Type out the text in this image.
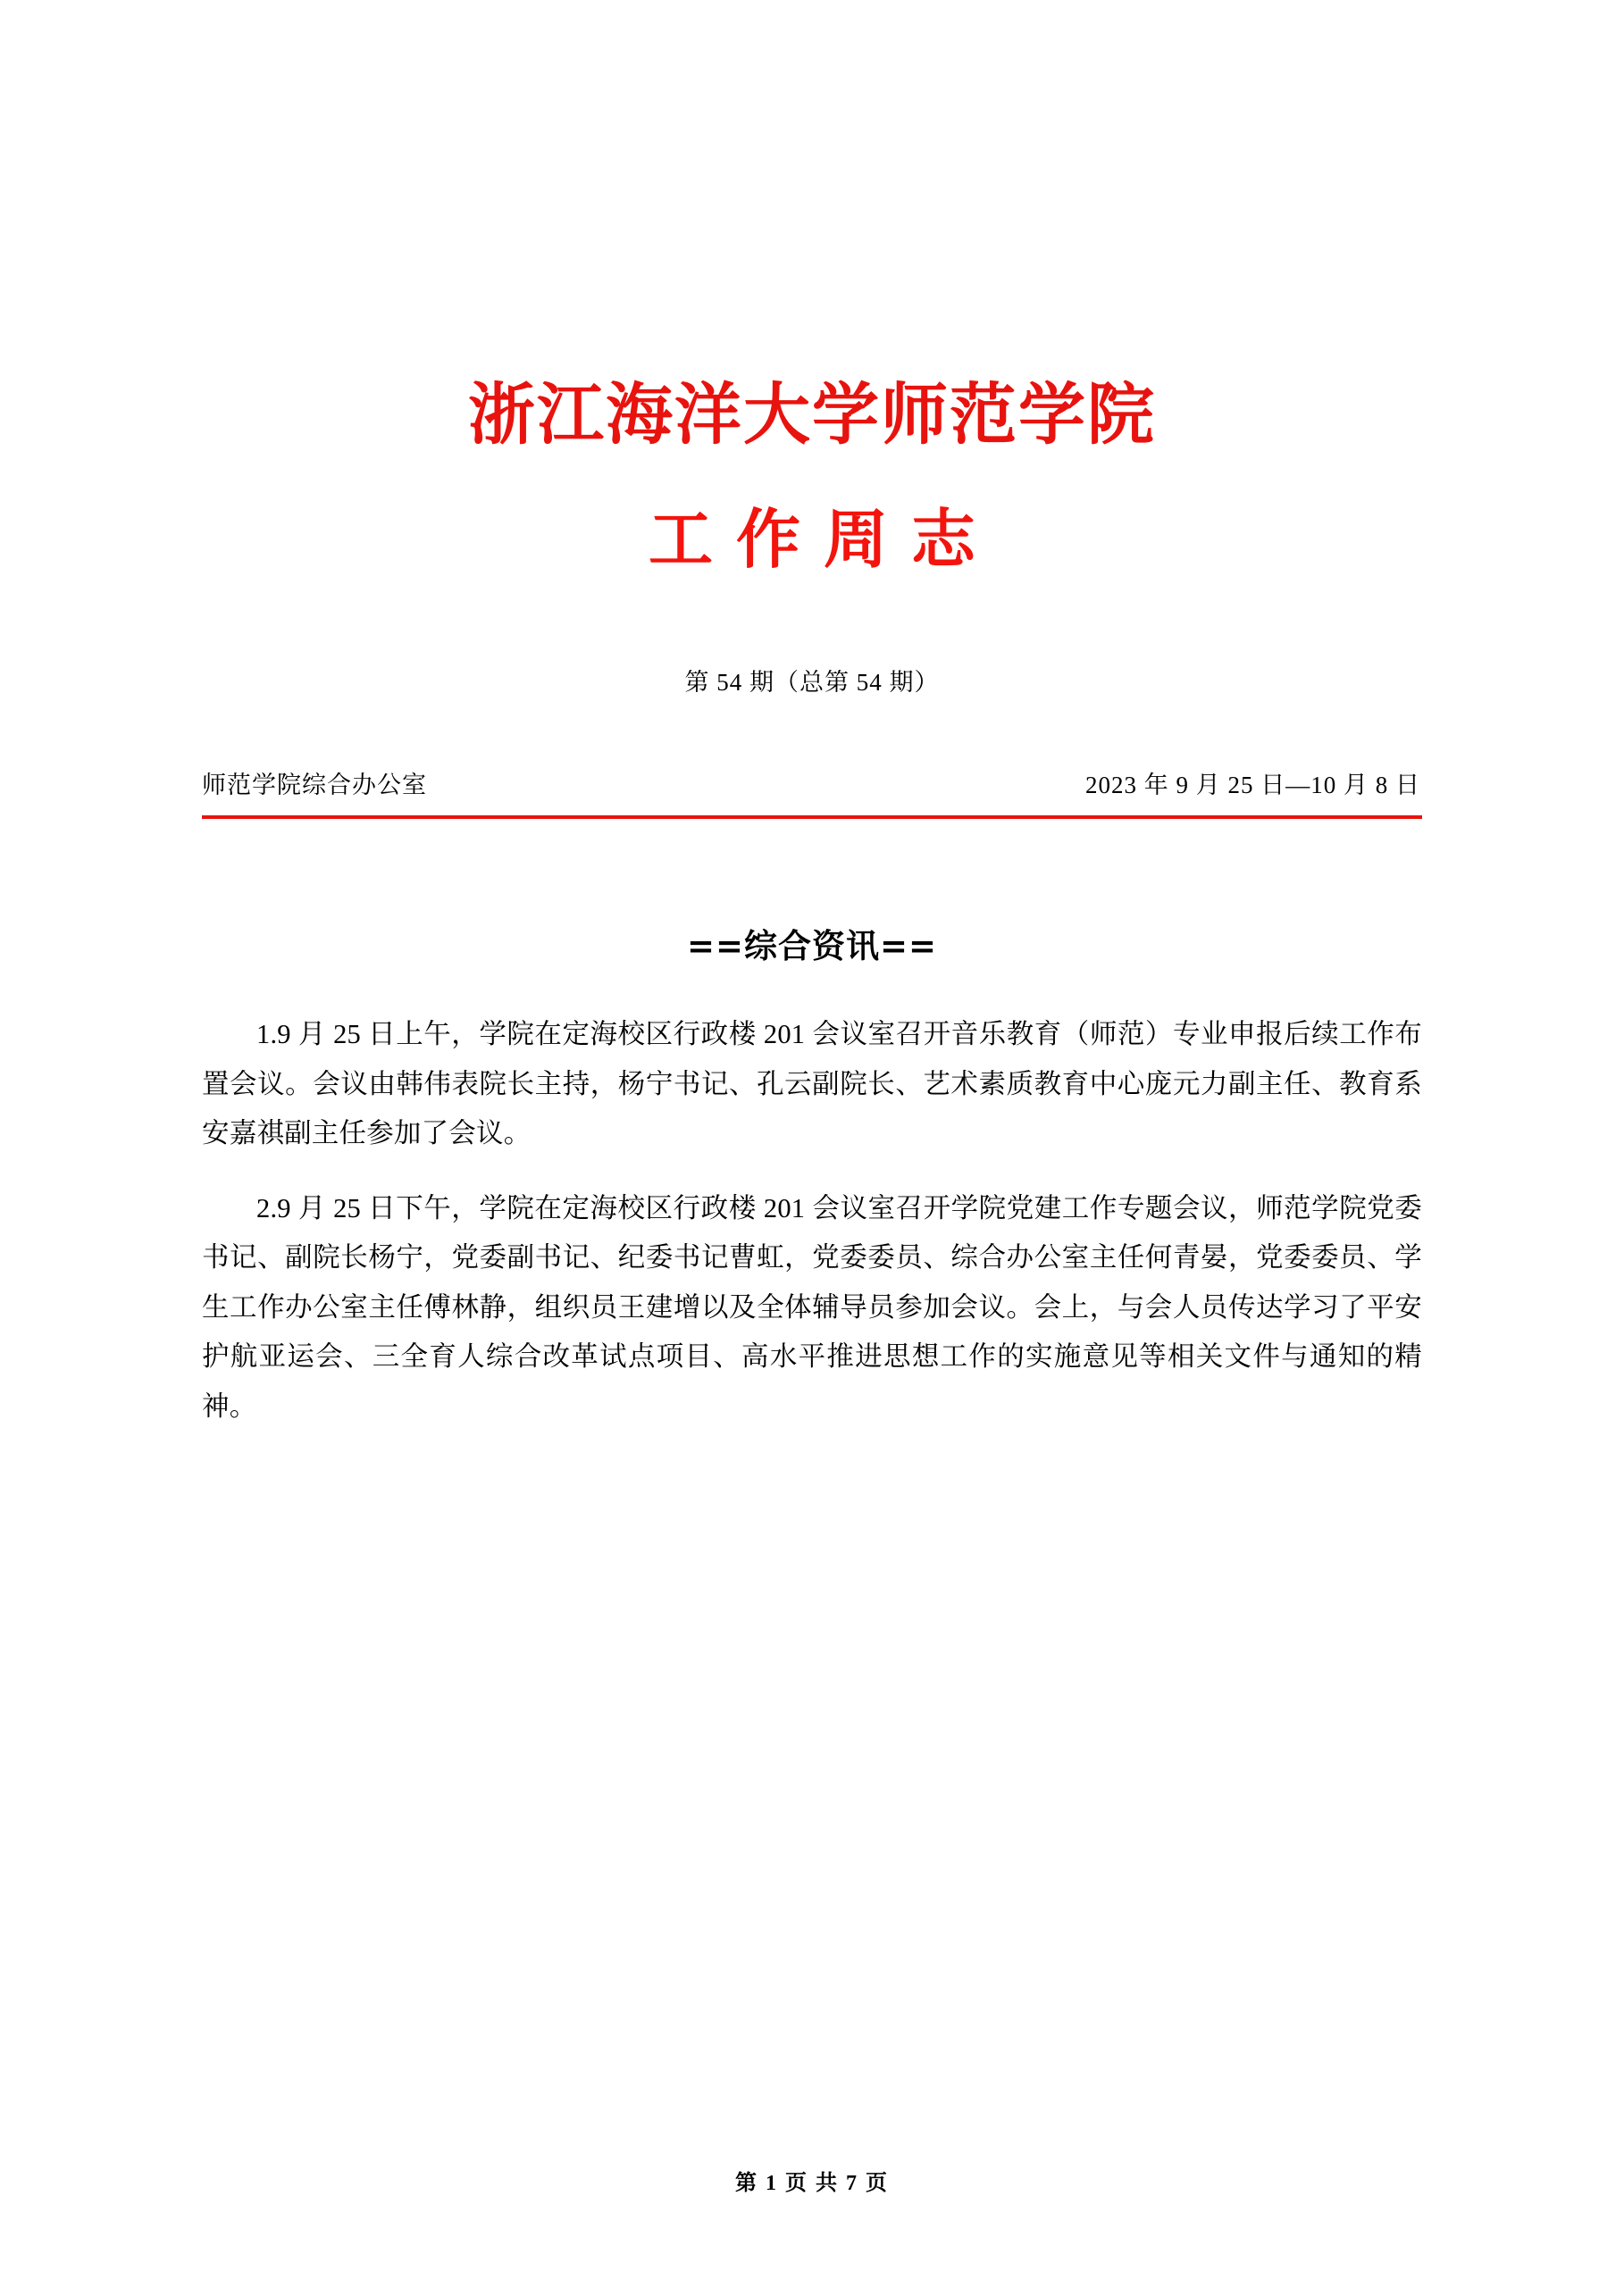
浙江海洋大学师范学院
工作周志
第 54 期（总第 54 期）
师范学院综合办公室	2023 年 9 月 25 日—10 月 8 日
==综合资讯==

1.9 月 25 日上午，学院在定海校区行政楼 201 会议室召开音乐教育（师范）专业申报后续工作布置会议。会议由韩伟表院长主持，杨宁书记、孔云副院长、艺术素质教育中心庞元力副主任、教育系安嘉祺副主任参加了会议。

2.9 月 25 日下午，学院在定海校区行政楼 201 会议室召开学院党建工作专题会议，师范学院党委书记、副院长杨宁，党委副书记、纪委书记曹虹，党委委员、综合办公室主任何青晏，党委委员、学生工作办公室主任傅林静，组织员王建增以及全体辅导员参加会议。会上，与会人员传达学习了平安护航亚运会、三全育人综合改革试点项目、高水平推进思想工作的实施意见等相关文件与通知的精神。

第 1 页 共 7 页
